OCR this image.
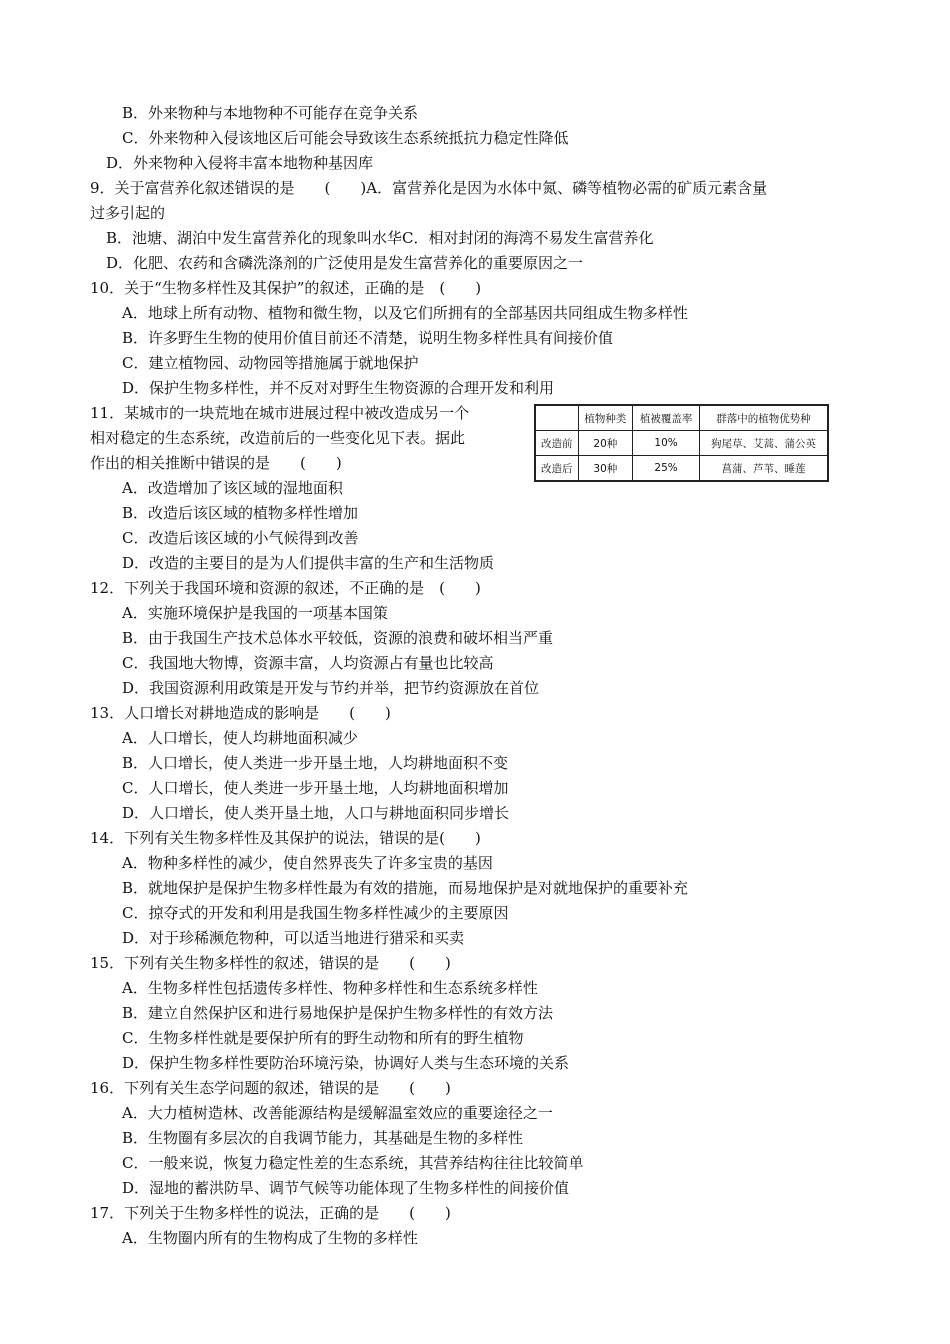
B．外来物种与本地物种不可能存在竞争关系
C．外来物种入侵该地区后可能会导致该生态系统抵抗力稳定性降低
D．外来物种入侵将丰富本地物种基因库
9．关于富营养化叙述错误的是　　(　　)A．富营养化是因为水体中氮、磷等植物必需的矿质元素含量
过多引起的
B．池塘、湖泊中发生富营养化的现象叫水华C．相对封闭的海湾不易发生富营养化
D．化肥、农药和含磷洗涤剂的广泛使用是发生富营养化的重要原因之一
10．关于“生物多样性及其保护”的叙述，正确的是　(　　)
A．地球上所有动物、植物和微生物，以及它们所拥有的全部基因共同组成生物多样性
B．许多野生生物的使用价值目前还不清楚，说明生物多样性具有间接价值
C．建立植物园、动物园等措施属于就地保护
D．保护生物多样性，并不反对对野生生物资源的合理开发和利用
11．某城市的一块荒地在城市进展过程中被改造成另一个
相对稳定的生态系统，改造前后的一些变化见下表。据此
作出的相关推断中错误的是　　(　　)
A．改造增加了该区域的湿地面积
B．改造后该区域的植物多样性增加
C．改造后该区域的小气候得到改善
D．改造的主要目的是为人们提供丰富的生产和生活物质
12．下列关于我国环境和资源的叙述，不正确的是　(　　)
A．实施环境保护是我国的一项基本国策
B．由于我国生产技术总体水平较低，资源的浪费和破坏相当严重
C．我国地大物博，资源丰富，人均资源占有量也比较高
D．我国资源利用政策是开发与节约并举，把节约资源放在首位
13．人口增长对耕地造成的影响是　　(　　)
A．人口增长，使人均耕地面积减少
B．人口增长，使人类进一步开垦土地，人均耕地面积不变
C．人口增长，使人类进一步开垦土地，人均耕地面积增加
D．人口增长，使人类开垦土地，人口与耕地面积同步增长
14．下列有关生物多样性及其保护的说法，错误的是(　　)
A．物种多样性的减少，使自然界丧失了许多宝贵的基因
B．就地保护是保护生物多样性最为有效的措施，而易地保护是对就地保护的重要补充
C．掠夺式的开发和利用是我国生物多样性减少的主要原因
D．对于珍稀濒危物种，可以适当地进行猎采和买卖
15．下列有关生物多样性的叙述，错误的是　　(　　)
A．生物多样性包括遗传多样性、物种多样性和生态系统多样性
B．建立自然保护区和进行易地保护是保护生物多样性的有效方法
C．生物多样性就是要保护所有的野生动物和所有的野生植物
D．保护生物多样性要防治环境污染，协调好人类与生态环境的关系
16．下列有关生态学问题的叙述，错误的是　　(　　)
A．大力植树造林、改善能源结构是缓解温室效应的重要途径之一
B．生物圈有多层次的自我调节能力，其基础是生物的多样性
C．一般来说，恢复力稳定性差的生态系统，其营养结构往往比较简单
D．湿地的蓄洪防旱、调节气候等功能体现了生物多样性的间接价值
17．下列关于生物多样性的说法，正确的是　　(　　)
A．生物圈内所有的生物构成了生物的多样性
	植物种类	植被覆盖率	群落中的植物优势种
改造前	20种	10%	狗尾草、艾蒿、蒲公英
改造后	30种	25%	菖蒲、芦苇、睡莲
